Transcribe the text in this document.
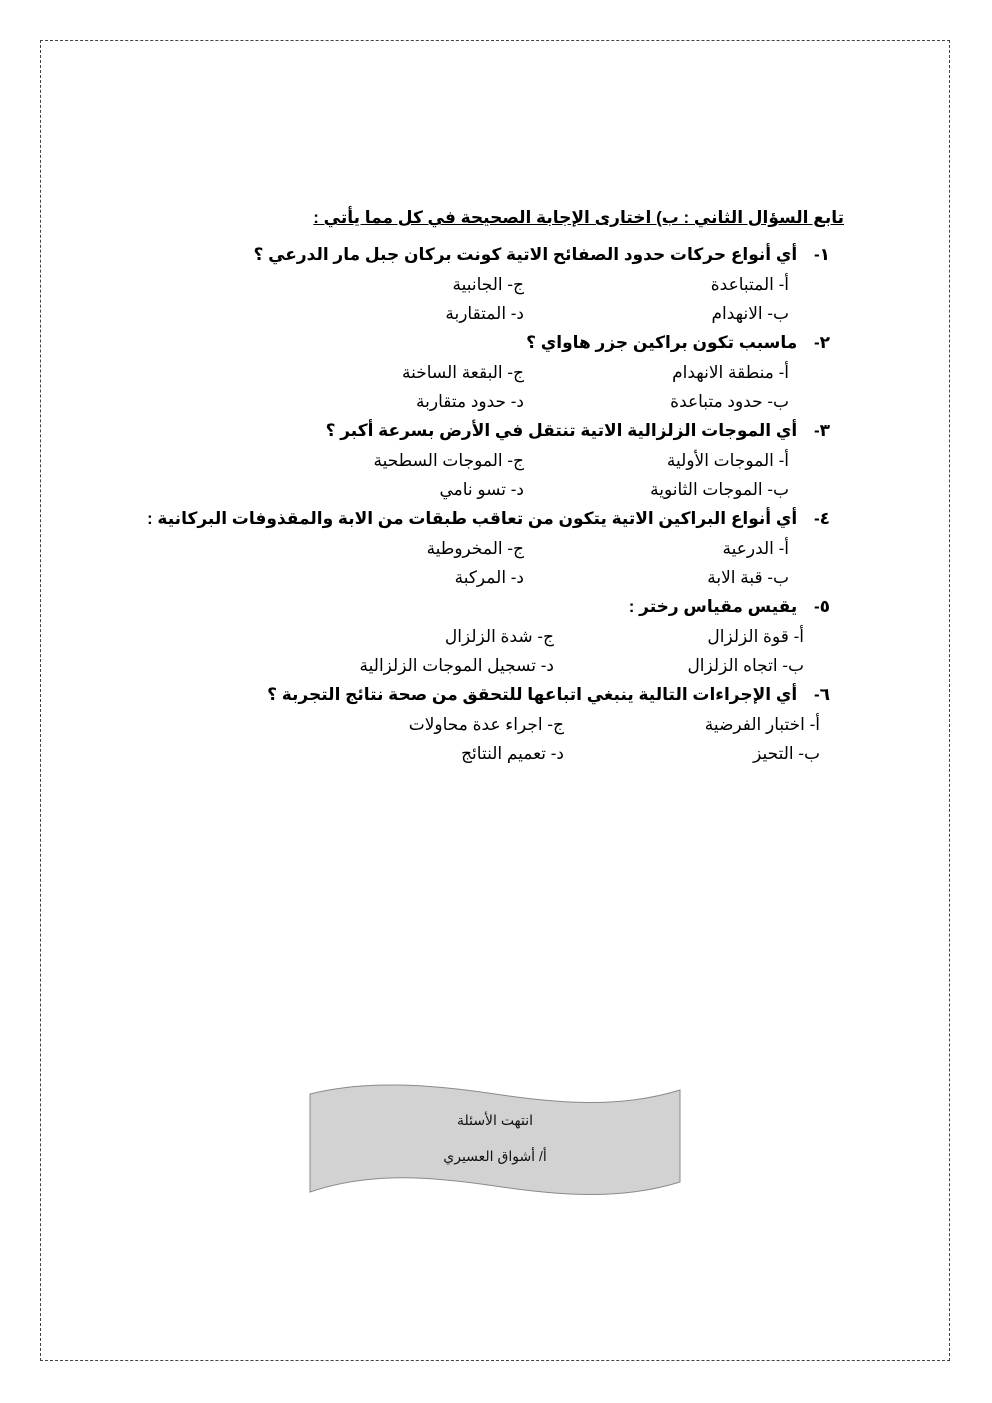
تابع السؤال الثاني : ب) اختارى الإجابة الصحيحة في كل مما يأتي :
١- أي أنواع حركات حدود الصفائح الاتية كونت بركان جبل مار الدرعي ؟
أ- المتباعدة
ج- الجانبية
ب- الانهدام
د- المتقاربة
٢- ماسبب تكون براكين جزر هاواي ؟
أ- منطقة الانهدام
ج- البقعة الساخنة
ب- حدود متباعدة
د- حدود متقاربة
٣- أي الموجات الزلزالية الاتية تنتقل في الأرض بسرعة أكبر ؟
أ- الموجات الأولية
ج- الموجات السطحية
ب- الموجات الثانوية
د- تسو نامي
٤- أي أنواع البراكين الاتية يتكون من تعاقب طبقات من الابة والمقذوفات البركانية :
أ- الدرعية
ج- المخروطية
ب- قبة الابة
د- المركبة
٥- يقيس مقياس رختر :
أ- قوة الزلزال
ج- شدة الزلزال
ب- اتجاه الزلزال
د- تسجيل الموجات الزلزالية
٦- أي الإجراءات التالية ينبغي اتباعها للتحقق من صحة نتائج التجربة ؟
أ- اختبار الفرضية
ج- اجراء عدة محاولات
ب- التحيز
د- تعميم النتائج
انتهت الأسئلة
أ/ أشواق العسيري
